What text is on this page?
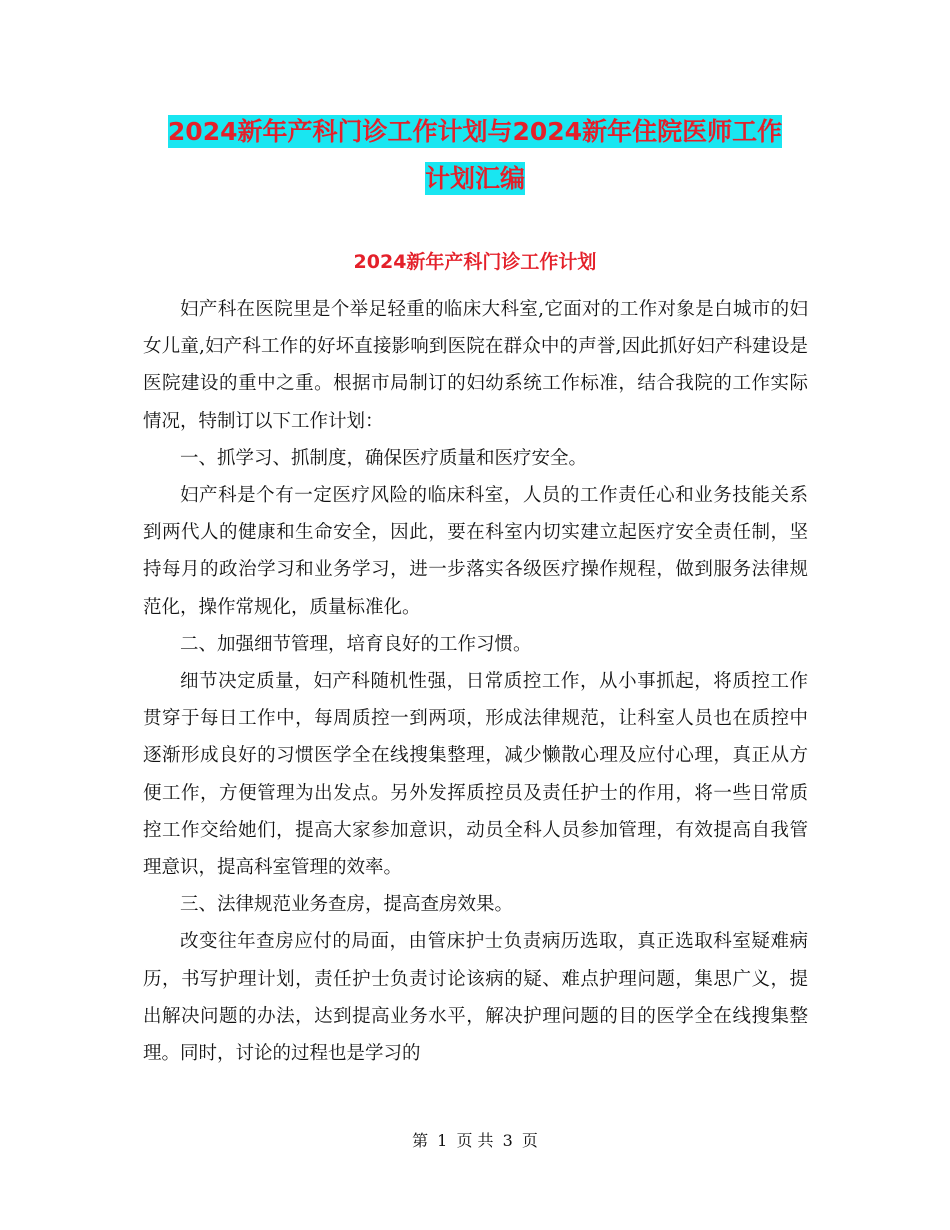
2024新年产科门诊工作计划与2024新年住院医师工作
计划汇编
2024新年产科门诊工作计划

妇产科在医院里是个举足轻重的临床大科室,它面对的工作对象是白城市的妇女儿童,妇产科工作的好坏直接影响到医院在群众中的声誉,因此抓好妇产科建设是医院建设的重中之重。根据市局制订的妇幼系统工作标准，结合我院的工作实际情况，特制订以下工作计划：

一、抓学习、抓制度，确保医疗质量和医疗安全。

妇产科是个有一定医疗风险的临床科室，人员的工作责任心和业务技能关系到两代人的健康和生命安全，因此，要在科室内切实建立起医疗安全责任制，坚持每月的政治学习和业务学习，进一步落实各级医疗操作规程，做到服务法律规范化，操作常规化，质量标准化。

二、加强细节管理，培育良好的工作习惯。

细节决定质量，妇产科随机性强，日常质控工作，从小事抓起，将质控工作贯穿于每日工作中，每周质控一到两项，形成法律规范，让科室人员也在质控中逐渐形成良好的习惯医学全在线搜集整理，减少懒散心理及应付心理，真正从方便工作，方便管理为出发点。另外发挥质控员及责任护士的作用，将一些日常质控工作交给她们，提高大家参加意识，动员全科人员参加管理，有效提高自我管理意识，提高科室管理的效率。

三、法律规范业务查房，提高查房效果。

改变往年查房应付的局面，由管床护士负责病历选取，真正选取科室疑难病历，书写护理计划，责任护士负责讨论该病的疑、难点护理问题，集思广义，提出解决问题的办法，达到提高业务水平，解决护理问题的目的医学全在线搜集整理。同时，讨论的过程也是学习的

第 1 页 共 3 页
